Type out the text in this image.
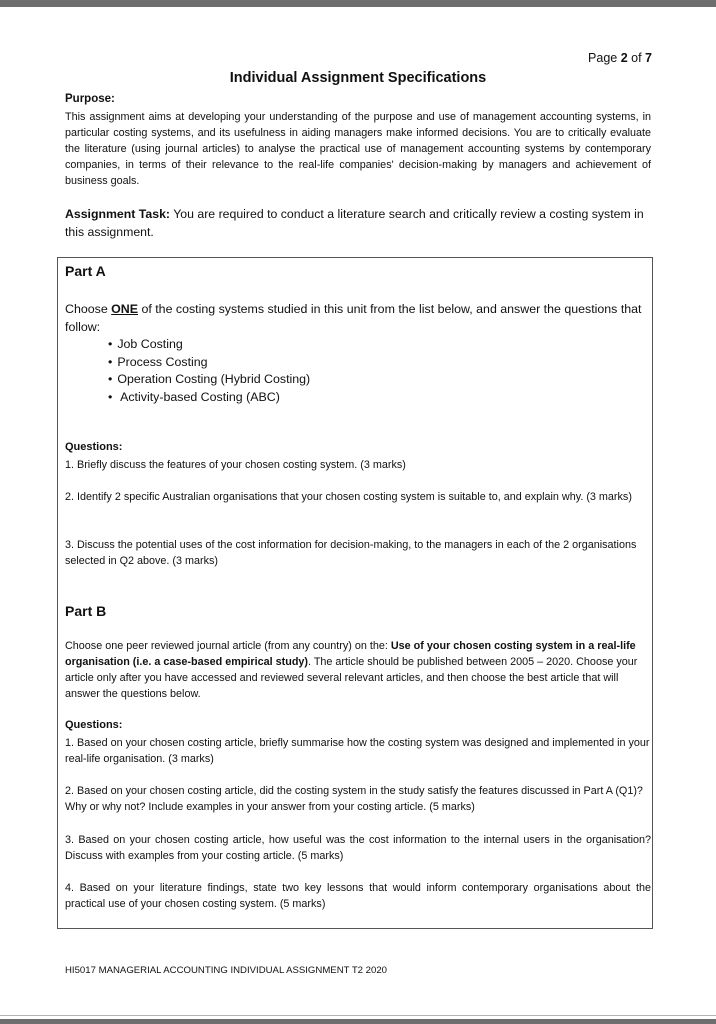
Page 2 of 7
Individual Assignment Specifications
Purpose:
This assignment aims at developing your understanding of the purpose and use of management accounting systems, in particular costing systems, and its usefulness in aiding managers make informed decisions. You are to critically evaluate the literature (using journal articles) to analyse the practical use of management accounting systems by contemporary companies, in terms of their relevance to the real-life companies' decision-making by managers and achievement of business goals.
Assignment Task: You are required to conduct a literature search and critically review a costing system in this assignment.
Part A
Choose ONE of the costing systems studied in this unit from the list below, and answer the questions that follow:
• Job Costing
• Process Costing
• Operation Costing (Hybrid Costing)
• Activity-based Costing (ABC)
Questions:
1. Briefly discuss the features of your chosen costing system. (3 marks)
2. Identify 2 specific Australian organisations that your chosen costing system is suitable to, and explain why. (3 marks)
3. Discuss the potential uses of the cost information for decision-making, to the managers in each of the 2 organisations selected in Q2 above. (3 marks)
Part B
Choose one peer reviewed journal article (from any country) on the: Use of your chosen costing system in a real-life organisation (i.e. a case-based empirical study). The article should be published between 2005 – 2020. Choose your article only after you have accessed and reviewed several relevant articles, and then choose the best article that will answer the questions below.
Questions:
1. Based on your chosen costing article, briefly summarise how the costing system was designed and implemented in your real-life organisation. (3 marks)
2. Based on your chosen costing article, did the costing system in the study satisfy the features discussed in Part A (Q1)? Why or why not? Include examples in your answer from your costing article. (5 marks)
3. Based on your chosen costing article, how useful was the cost information to the internal users in the organisation? Discuss with examples from your costing article. (5 marks)
4. Based on your literature findings, state two key lessons that would inform contemporary organisations about the practical use of your chosen costing system. (5 marks)
HI5017 MANAGERIAL ACCOUNTING INDIVIDUAL ASSIGNMENT T2 2020
